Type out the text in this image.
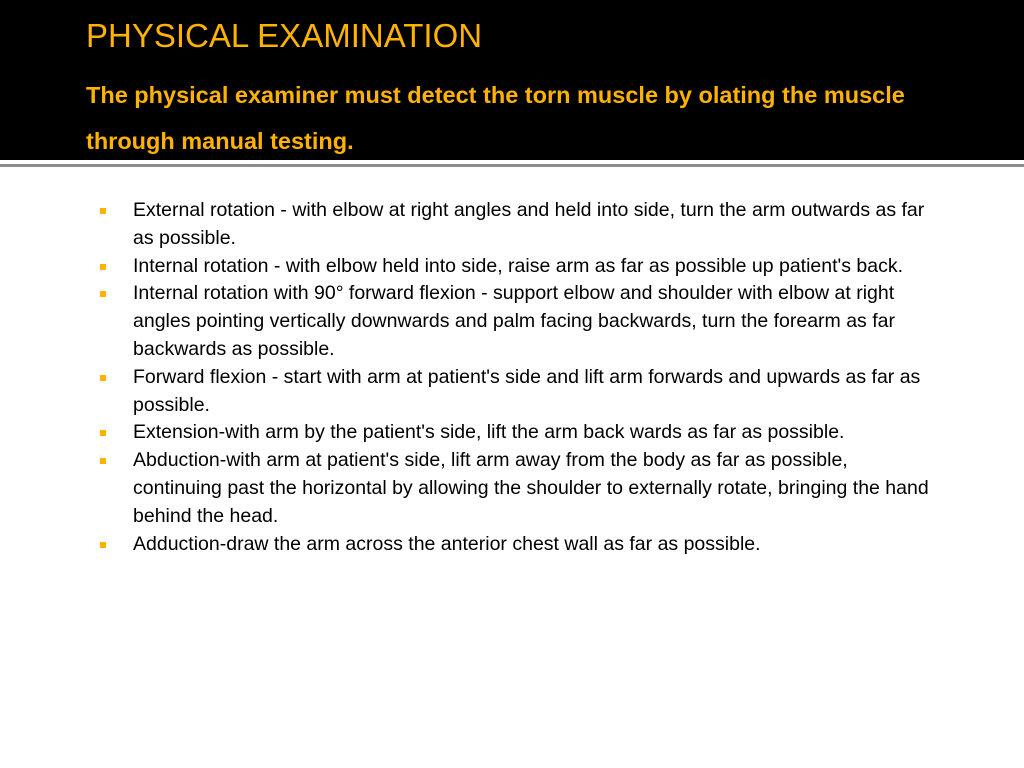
PHYSICAL EXAMINATION
The physical examiner must detect the torn muscle by olating the muscle through manual testing.
External rotation - with elbow at right angles and held into side, turn the arm outwards as far as possible.
Internal rotation - with elbow held into side, raise arm as far as possible up patient's back.
Internal rotation with 90° forward flexion - support elbow and shoulder with elbow at right angles pointing vertically downwards and palm facing backwards, turn the forearm as far backwards as possible.
Forward flexion - start with arm at patient's side and lift arm forwards and upwards as far as possible.
Extension-with arm by the patient's side, lift the arm back wards as far as possible.
Abduction-with arm at patient's side, lift arm away from the body as far as possible, continuing past the horizontal by allowing the shoulder to externally rotate, bringing the hand behind the head.
Adduction-draw the arm across the anterior chest wall as far as possible.
